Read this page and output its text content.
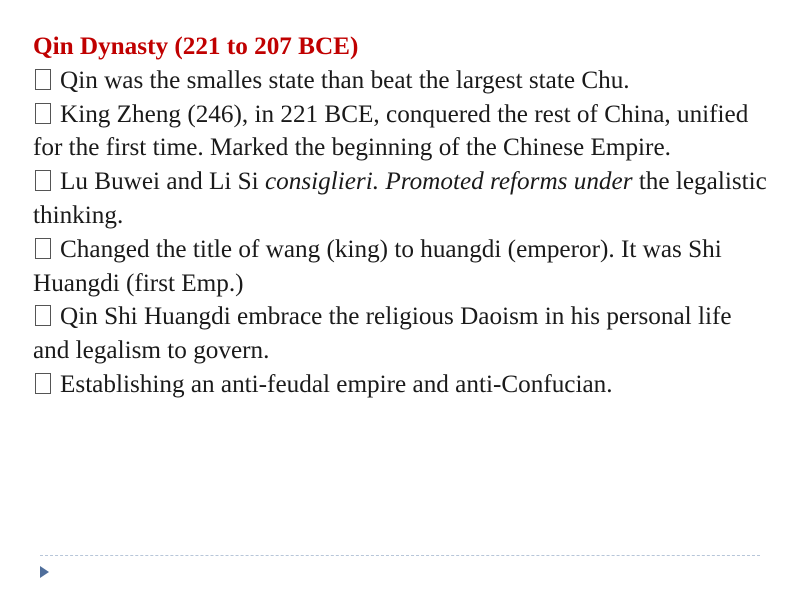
Qin Dynasty (221 to 207 BCE)

Qin was the smalles state than beat the largest state Chu.

King Zheng (246), in 221 BCE, conquered the rest of China, unified for the first time. Marked the beginning of the Chinese Empire.

Lu Buwei and Li Si consiglieri. Promoted reforms under the legalistic thinking.

Changed the title of wang (king) to huangdi (emperor). It was Shi Huangdi (first Emp.)

Qin Shi Huangdi embrace the religious Daoism in his personal life and legalism to govern.

Establishing an anti-feudal empire and anti-Confucian.
